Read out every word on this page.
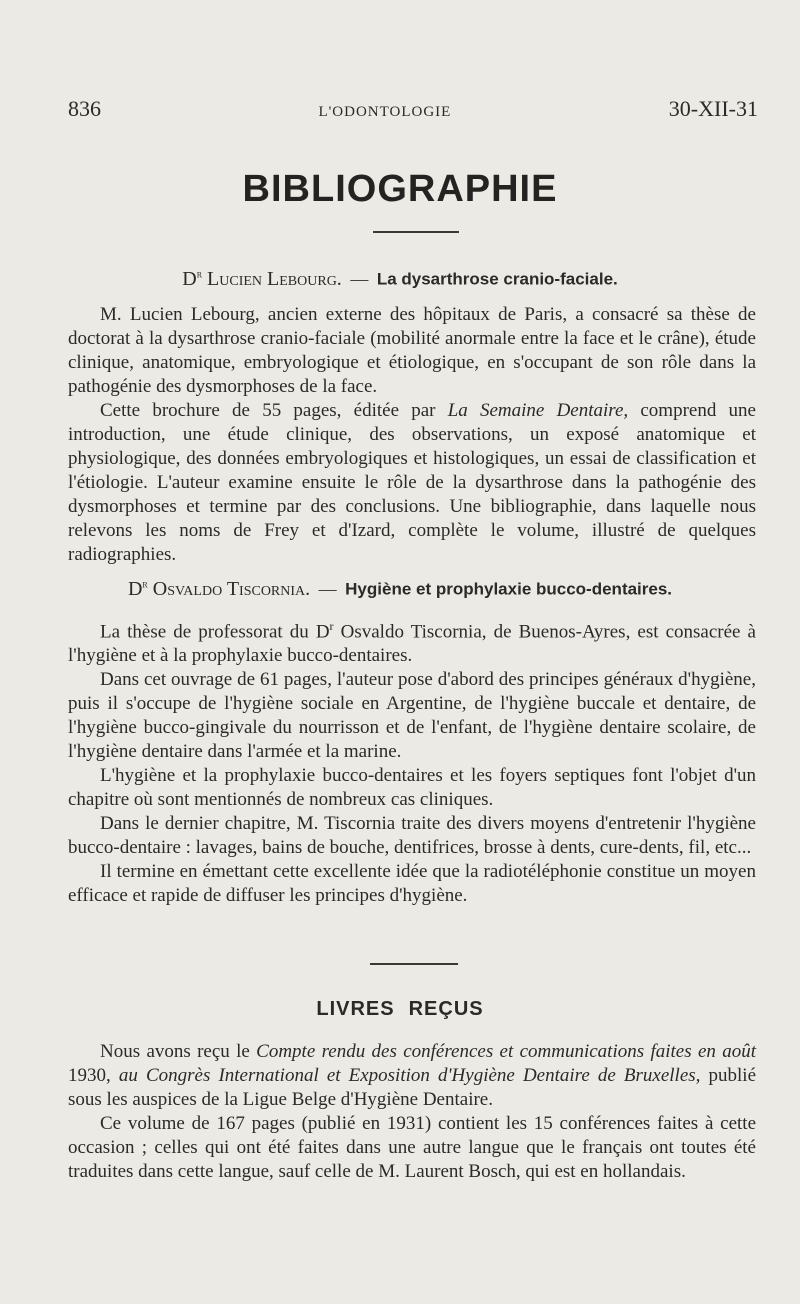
836	L'ODONTOLOGIE	30-XII-31
BIBLIOGRAPHIE
$D^r$ Lucien Lebourg. — La dysarthrose cranio-faciale.

M. Lucien Lebourg, ancien externe des hôpitaux de Paris, a consacré sa thèse de doctorat à la dysarthrose cranio-faciale (mobilité anormale entre la face et le crâne), étude clinique, anatomique, embryologique et étiologique, en s'occupant de son rôle dans la pathogénie des dysmorphoses de la face.

Cette brochure de 55 pages, éditée par La Semaine Dentaire, comprend une introduction, une étude clinique, des observations, un exposé anatomique et physiologique, des données embryologiques et histologiques, un essai de classification et l'étiologie. L'auteur examine ensuite le rôle de la dysarthrose dans la pathogénie des dysmorphoses et termine par des conclusions. Une bibliographie, dans laquelle nous relevons les noms de Frey et d'Izard, complète le volume, illustré de quelques radiographies.

$D^r$ Osvaldo Tiscornia. — Hygiène et prophylaxie bucco-dentaires.

La thèse de professorat du $D^r$ Osvaldo Tiscornia, de Buenos-Ayres, est consacrée à l'hygiène et à la prophylaxie bucco-dentaires.

Dans cet ouvrage de 61 pages, l'auteur pose d'abord des principes généraux d'hygiène, puis il s'occupe de l'hygiène sociale en Argentine, de l'hygiène buccale et dentaire, de l'hygiène bucco-gingivale du nourrisson et de l'enfant, de l'hygiène dentaire scolaire, de l'hygiène dentaire dans l'armée et la marine.

L'hygiène et la prophylaxie bucco-dentaires et les foyers septiques font l'objet d'un chapitre où sont mentionnés de nombreux cas cliniques.

Dans le dernier chapitre, M. Tiscornia traite des divers moyens d'entretenir l'hygiène bucco-dentaire : lavages, bains de bouche, dentifrices, brosse à dents, cure-dents, fil, etc...

Il termine en émettant cette excellente idée que la radiotéléphonie constitue un moyen efficace et rapide de diffuser les principes d'hygiène.

LIVRES REÇUS

Nous avons reçu le Compte rendu des conférences et communications faites en août 1930, au Congrès International et Exposition d'Hygiène Dentaire de Bruxelles, publié sous les auspices de la Ligue Belge d'Hygiène Dentaire.

Ce volume de 167 pages (publié en 1931) contient les 15 conférences faites à cette occasion ; celles qui ont été faites dans une autre langue que le français ont toutes été traduites dans cette langue, sauf celle de M. Laurent Bosch, qui est en hollandais.
